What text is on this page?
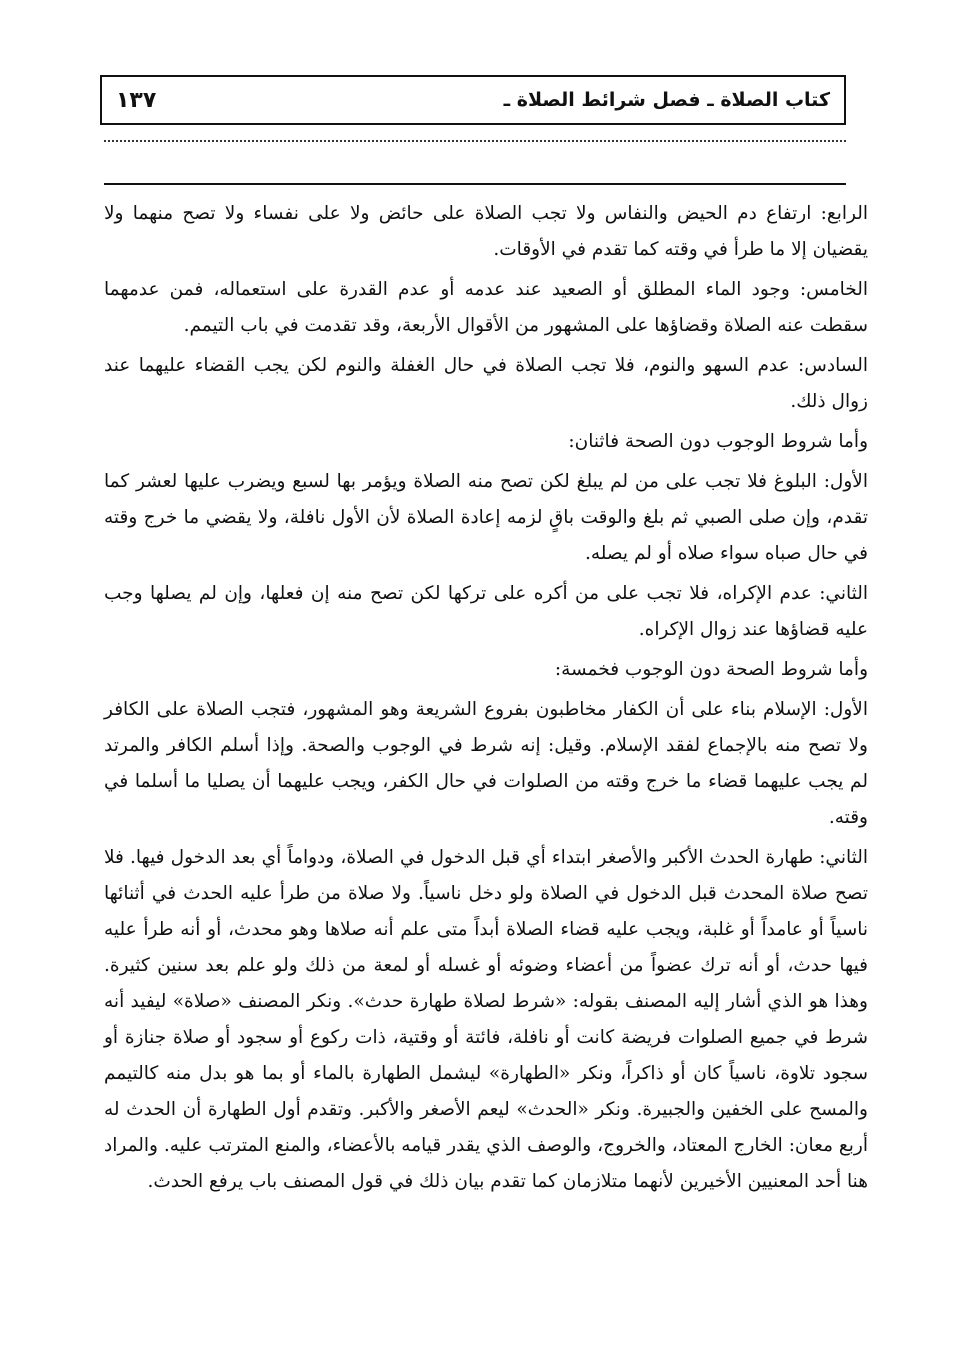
١٣٧	كتاب الصلاة ـ فصل شرائط الصلاة ـ

الرابع: ارتفاع دم الحيض والنفاس ولا تجب الصلاة على حائض ولا على نفساء ولا تصح منهما ولا يقضيان إلا ما طرأ في وقته كما تقدم في الأوقات.

الخامس: وجود الماء المطلق أو الصعيد عند عدمه أو عدم القدرة على استعماله، فمن عدمهما سقطت عنه الصلاة وقضاؤها على المشهور من الأقوال الأربعة، وقد تقدمت في باب التيمم.

السادس: عدم السهو والنوم، فلا تجب الصلاة في حال الغفلة والنوم لكن يجب القضاء عليهما عند زوال ذلك.

وأما شروط الوجوب دون الصحة فاثنان:

الأول: البلوغ فلا تجب على من لم يبلغ لكن تصح منه الصلاة ويؤمر بها لسبع ويضرب عليها لعشر كما تقدم، وإن صلى الصبي ثم بلغ والوقت باقٍ لزمه إعادة الصلاة لأن الأول نافلة، ولا يقضي ما خرج وقته في حال صباه سواء صلاه أو لم يصله.

الثاني: عدم الإكراه، فلا تجب على من أكره على تركها لكن تصح منه إن فعلها، وإن لم يصلها وجب عليه قضاؤها عند زوال الإكراه.

وأما شروط الصحة دون الوجوب فخمسة:

الأول: الإسلام بناء على أن الكفار مخاطبون بفروع الشريعة وهو المشهور، فتجب الصلاة على الكافر ولا تصح منه بالإجماع لفقد الإسلام. وقيل: إنه شرط في الوجوب والصحة. وإذا أسلم الكافر والمرتد لم يجب عليهما قضاء ما خرج وقته من الصلوات في حال الكفر، ويجب عليهما أن يصليا ما أسلما في وقته.

الثاني: طهارة الحدث الأكبر والأصغر ابتداء أي قبل الدخول في الصلاة، ودواماً أي بعد الدخول فيها. فلا تصح صلاة المحدث قبل الدخول في الصلاة ولو دخل ناسياً. ولا صلاة من طرأ عليه الحدث في أثنائها ناسياً أو عامداً أو غلبة، ويجب عليه قضاء الصلاة أبداً متى علم أنه صلاها وهو محدث، أو أنه طرأ عليه فيها حدث، أو أنه ترك عضواً من أعضاء وضوئه أو غسله أو لمعة من ذلك ولو علم بعد سنين كثيرة. وهذا هو الذي أشار إليه المصنف بقوله: «شرط لصلاة طهارة حدث». ونكر المصنف «صلاة» ليفيد أنه شرط في جميع الصلوات فريضة كانت أو نافلة، فائتة أو وقتية، ذات ركوع أو سجود أو صلاة جنازة أو سجود تلاوة، ناسياً كان أو ذاكراً، ونكر «الطهارة» ليشمل الطهارة بالماء أو بما هو بدل منه كالتيمم والمسح على الخفين والجبيرة. ونكر «الحدث» ليعم الأصغر والأكبر. وتقدم أول الطهارة أن الحدث له أربع معان: الخارج المعتاد، والخروج، والوصف الذي يقدر قيامه بالأعضاء، والمنع المترتب عليه. والمراد هنا أحد المعنيين الأخيرين لأنهما متلازمان كما تقدم بيان ذلك في قول المصنف باب يرفع الحدث.
